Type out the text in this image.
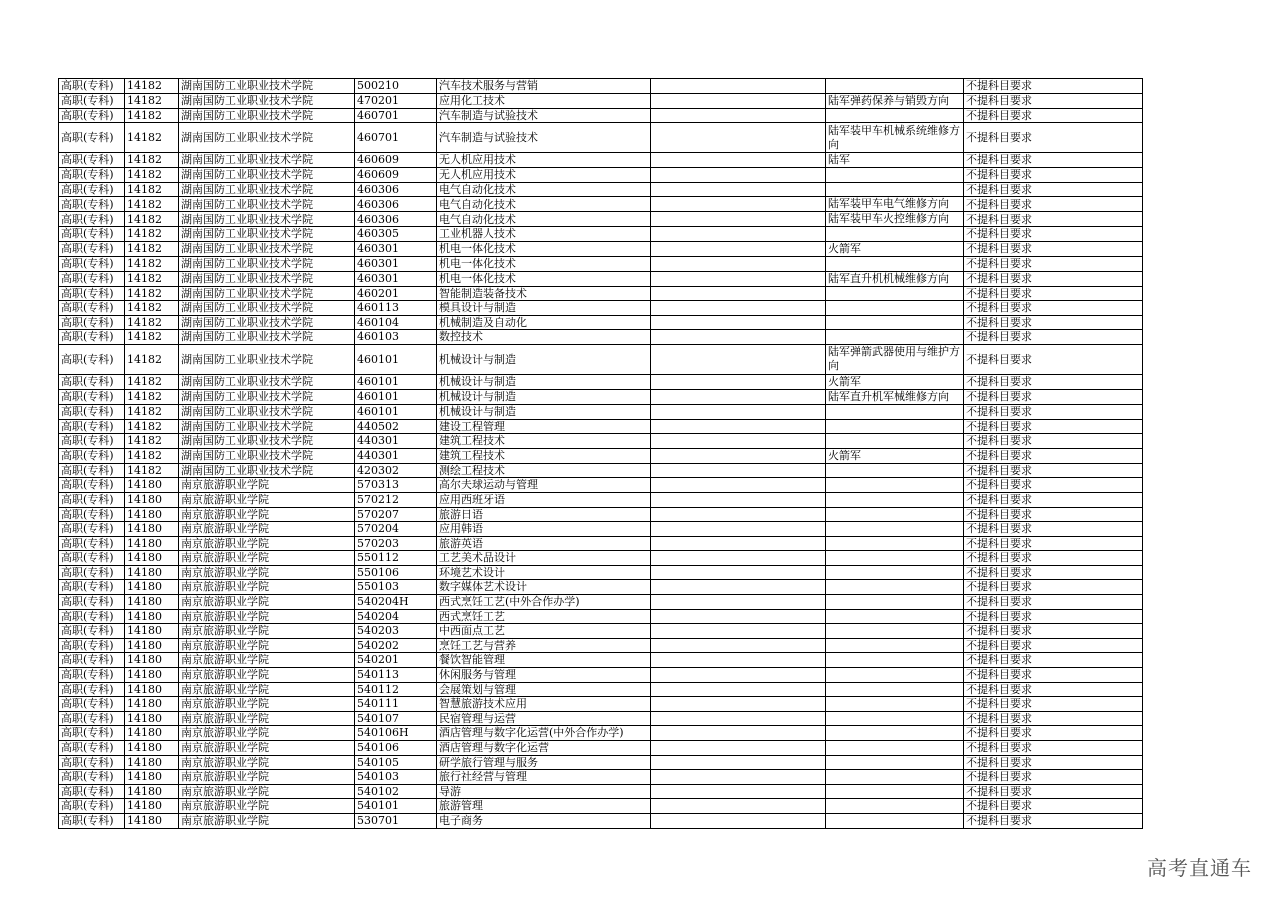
高职(专科)	14182	湖南国防工业职业技术学院	500210	汽车技术服务与营销			不提科目要求
高职(专科)	14182	湖南国防工业职业技术学院	470201	应用化工技术		陆军弹药保养与销毁方向	不提科目要求
高职(专科)	14182	湖南国防工业职业技术学院	460701	汽车制造与试验技术			不提科目要求
高职(专科)	14182	湖南国防工业职业技术学院	460701	汽车制造与试验技术		陆军装甲车机械系统维修方向	不提科目要求
高职(专科)	14182	湖南国防工业职业技术学院	460609	无人机应用技术		陆军	不提科目要求
高职(专科)	14182	湖南国防工业职业技术学院	460609	无人机应用技术			不提科目要求
高职(专科)	14182	湖南国防工业职业技术学院	460306	电气自动化技术			不提科目要求
高职(专科)	14182	湖南国防工业职业技术学院	460306	电气自动化技术		陆军装甲车电气维修方向	不提科目要求
高职(专科)	14182	湖南国防工业职业技术学院	460306	电气自动化技术		陆军装甲车火控维修方向	不提科目要求
高职(专科)	14182	湖南国防工业职业技术学院	460305	工业机器人技术			不提科目要求
高职(专科)	14182	湖南国防工业职业技术学院	460301	机电一体化技术		火箭军	不提科目要求
高职(专科)	14182	湖南国防工业职业技术学院	460301	机电一体化技术			不提科目要求
高职(专科)	14182	湖南国防工业职业技术学院	460301	机电一体化技术		陆军直升机机械维修方向	不提科目要求
高职(专科)	14182	湖南国防工业职业技术学院	460201	智能制造装备技术			不提科目要求
高职(专科)	14182	湖南国防工业职业技术学院	460113	模具设计与制造			不提科目要求
高职(专科)	14182	湖南国防工业职业技术学院	460104	机械制造及自动化			不提科目要求
高职(专科)	14182	湖南国防工业职业技术学院	460103	数控技术			不提科目要求
高职(专科)	14182	湖南国防工业职业技术学院	460101	机械设计与制造		陆军弹箭武器使用与维护方向	不提科目要求
高职(专科)	14182	湖南国防工业职业技术学院	460101	机械设计与制造		火箭军	不提科目要求
高职(专科)	14182	湖南国防工业职业技术学院	460101	机械设计与制造		陆军直升机军械维修方向	不提科目要求
高职(专科)	14182	湖南国防工业职业技术学院	460101	机械设计与制造			不提科目要求
高职(专科)	14182	湖南国防工业职业技术学院	440502	建设工程管理			不提科目要求
高职(专科)	14182	湖南国防工业职业技术学院	440301	建筑工程技术			不提科目要求
高职(专科)	14182	湖南国防工业职业技术学院	440301	建筑工程技术		火箭军	不提科目要求
高职(专科)	14182	湖南国防工业职业技术学院	420302	测绘工程技术			不提科目要求
高职(专科)	14180	南京旅游职业学院	570313	高尔夫球运动与管理			不提科目要求
高职(专科)	14180	南京旅游职业学院	570212	应用西班牙语			不提科目要求
高职(专科)	14180	南京旅游职业学院	570207	旅游日语			不提科目要求
高职(专科)	14180	南京旅游职业学院	570204	应用韩语			不提科目要求
高职(专科)	14180	南京旅游职业学院	570203	旅游英语			不提科目要求
高职(专科)	14180	南京旅游职业学院	550112	工艺美术品设计			不提科目要求
高职(专科)	14180	南京旅游职业学院	550106	环境艺术设计			不提科目要求
高职(专科)	14180	南京旅游职业学院	550103	数字媒体艺术设计			不提科目要求
高职(专科)	14180	南京旅游职业学院	540204H	西式烹饪工艺(中外合作办学)			不提科目要求
高职(专科)	14180	南京旅游职业学院	540204	西式烹饪工艺			不提科目要求
高职(专科)	14180	南京旅游职业学院	540203	中西面点工艺			不提科目要求
高职(专科)	14180	南京旅游职业学院	540202	烹饪工艺与营养			不提科目要求
高职(专科)	14180	南京旅游职业学院	540201	餐饮智能管理			不提科目要求
高职(专科)	14180	南京旅游职业学院	540113	休闲服务与管理			不提科目要求
高职(专科)	14180	南京旅游职业学院	540112	会展策划与管理			不提科目要求
高职(专科)	14180	南京旅游职业学院	540111	智慧旅游技术应用			不提科目要求
高职(专科)	14180	南京旅游职业学院	540107	民宿管理与运营			不提科目要求
高职(专科)	14180	南京旅游职业学院	540106H	酒店管理与数字化运营(中外合作办学)			不提科目要求
高职(专科)	14180	南京旅游职业学院	540106	酒店管理与数字化运营			不提科目要求
高职(专科)	14180	南京旅游职业学院	540105	研学旅行管理与服务			不提科目要求
高职(专科)	14180	南京旅游职业学院	540103	旅行社经营与管理			不提科目要求
高职(专科)	14180	南京旅游职业学院	540102	导游			不提科目要求
高职(专科)	14180	南京旅游职业学院	540101	旅游管理			不提科目要求
高职(专科)	14180	南京旅游职业学院	530701	电子商务			不提科目要求
高考直通车
